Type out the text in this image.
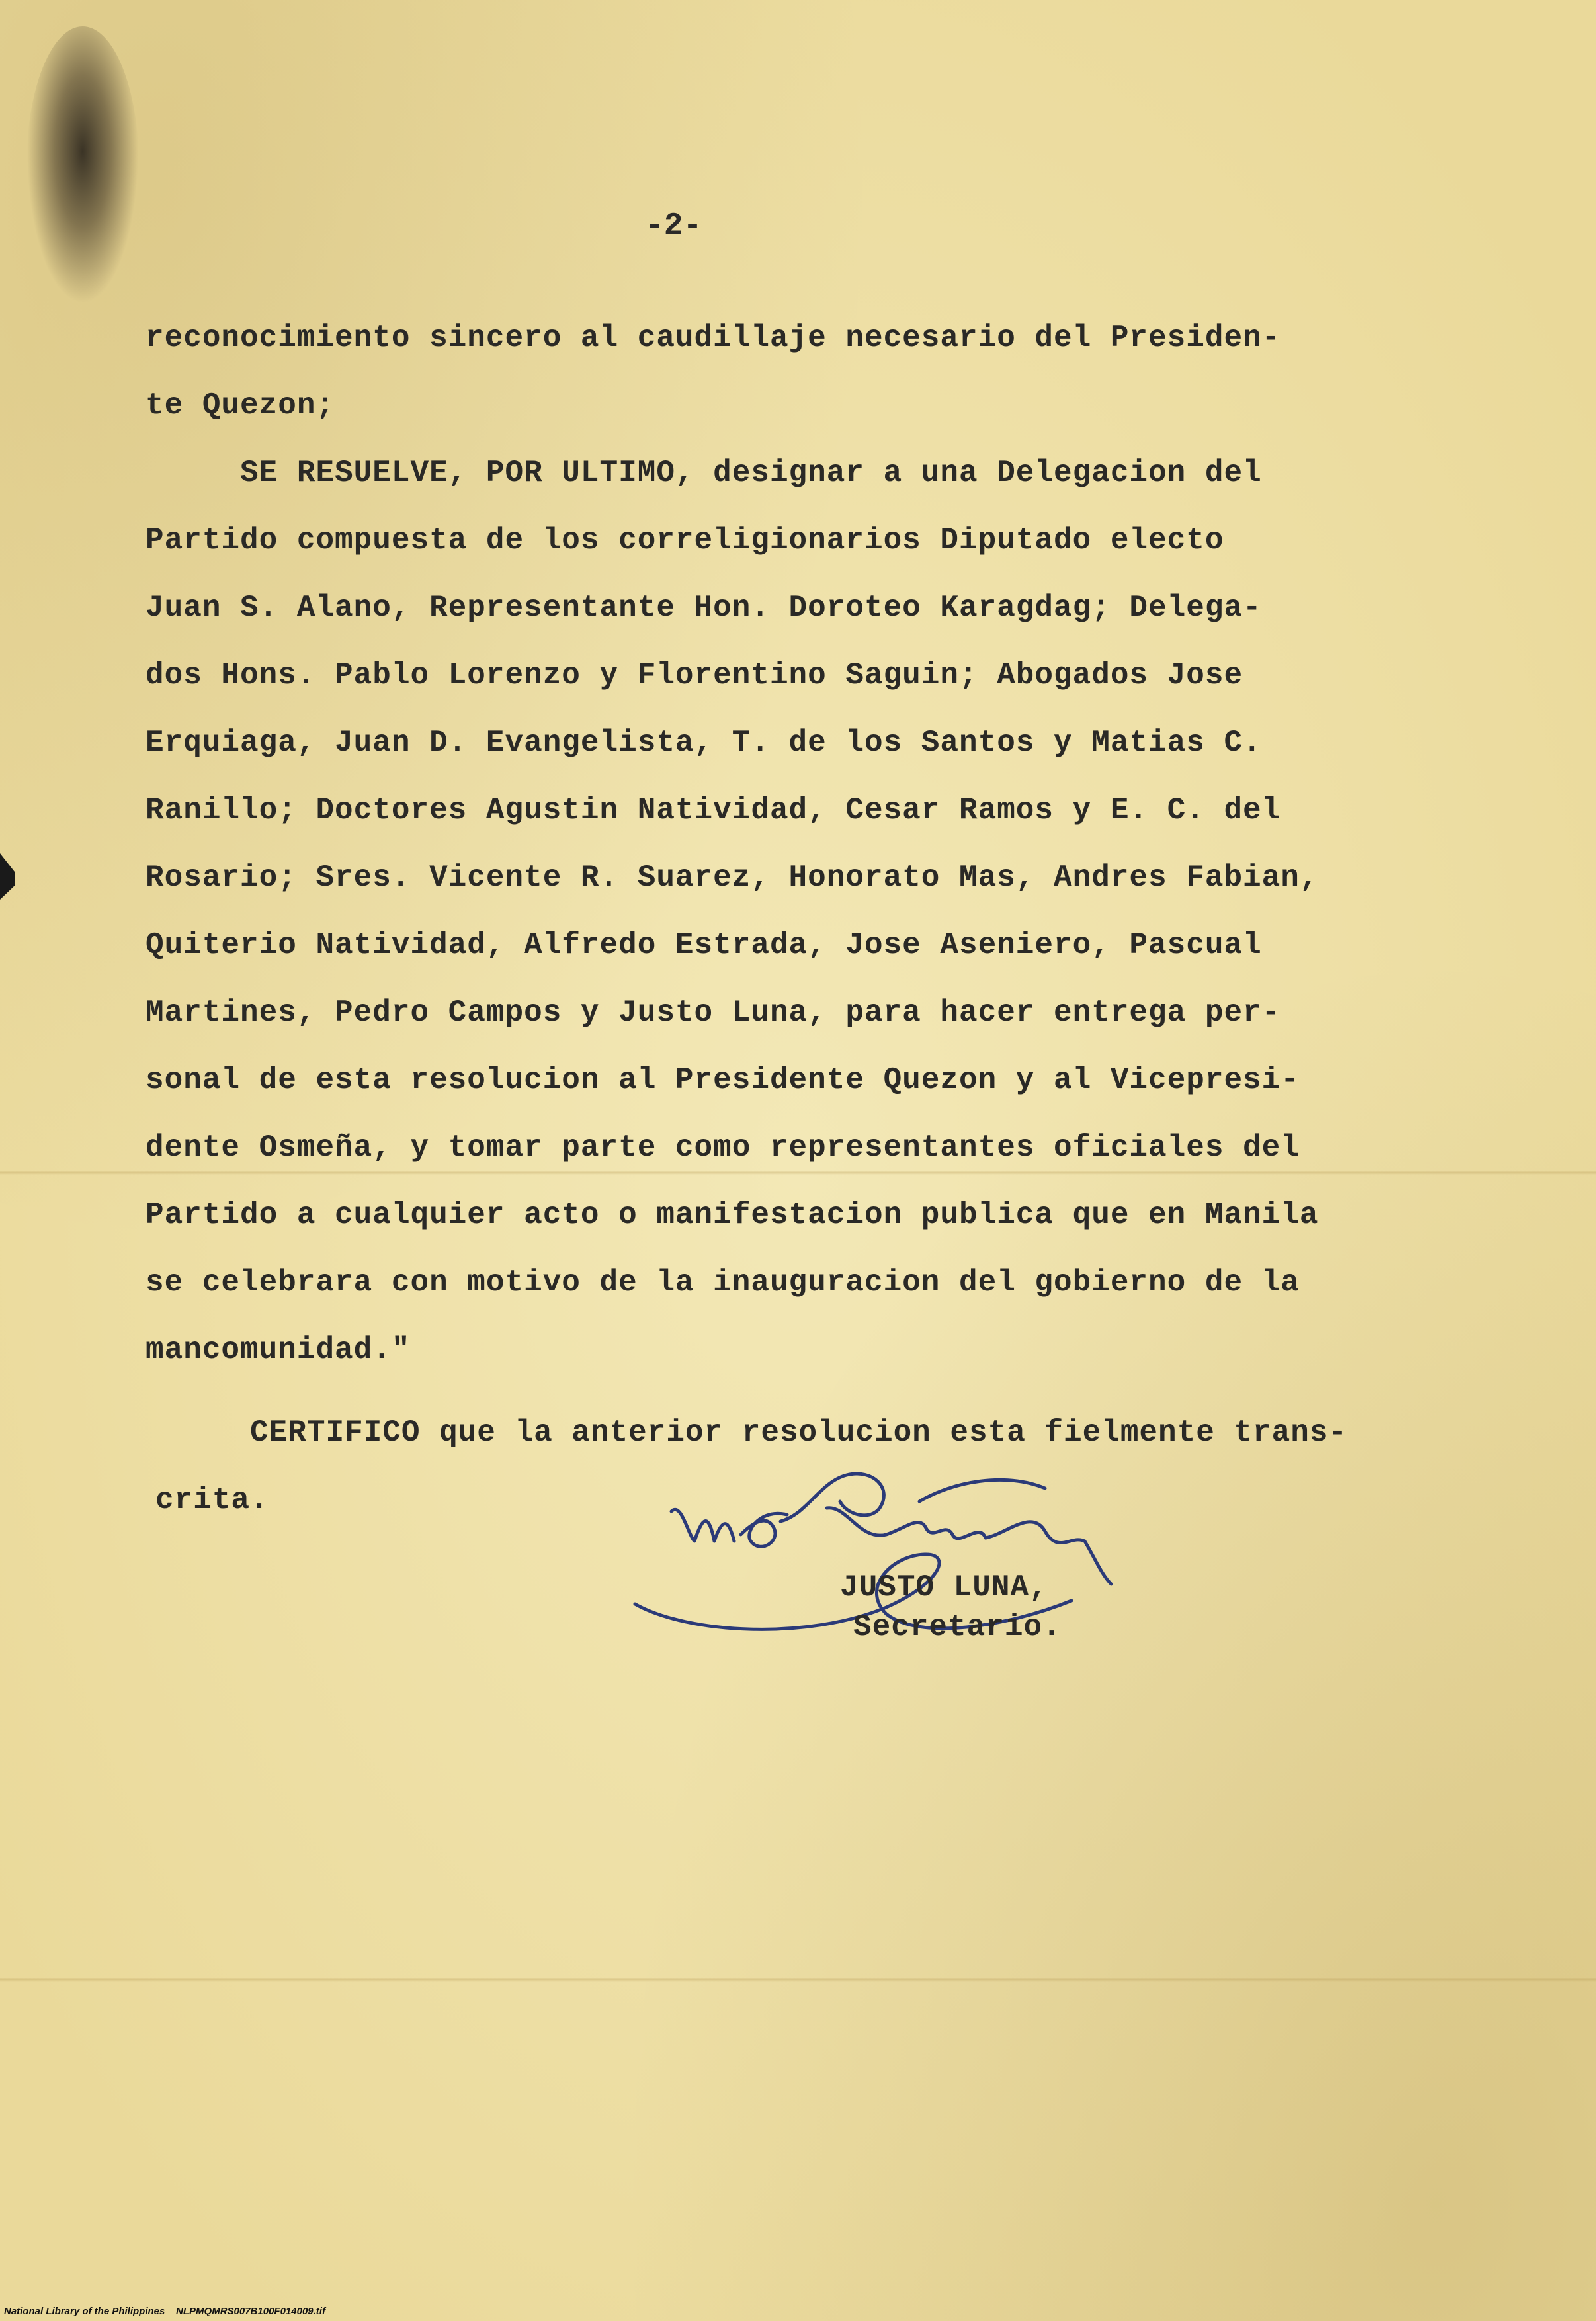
-2-
reconocimiento sincero al caudillaje necesario del Presiden-
te Quezon;
SE RESUELVE, POR ULTIMO, designar a una Delegacion del
Partido compuesta de los correligionarios Diputado electo
Juan S. Alano, Representante Hon. Doroteo Karagdag; Delega-
dos Hons. Pablo Lorenzo y Florentino Saguin; Abogados Jose
Erquiaga, Juan D. Evangelista, T. de los Santos y Matias C.
Ranillo; Doctores Agustin Natividad, Cesar Ramos y E. C. del
Rosario; Sres. Vicente R. Suarez, Honorato Mas, Andres Fabian,
Quiterio Natividad, Alfredo Estrada, Jose Aseniero, Pascual
Martines, Pedro Campos y Justo Luna, para hacer entrega per-
sonal de esta resolucion al Presidente Quezon y al Vicepresi-
dente Osmeña, y tomar parte como representantes oficiales del
Partido a cualquier acto o manifestacion publica que en Manila
se celebrara con motivo de la inauguracion del gobierno de la
mancomunidad."
CERTIFICO que la anterior resolucion esta fielmente trans-
crita.
JUSTO LUNA,
Secretario.
National Library of the Philippines    NLPMQMRS007B100F014009.tif
